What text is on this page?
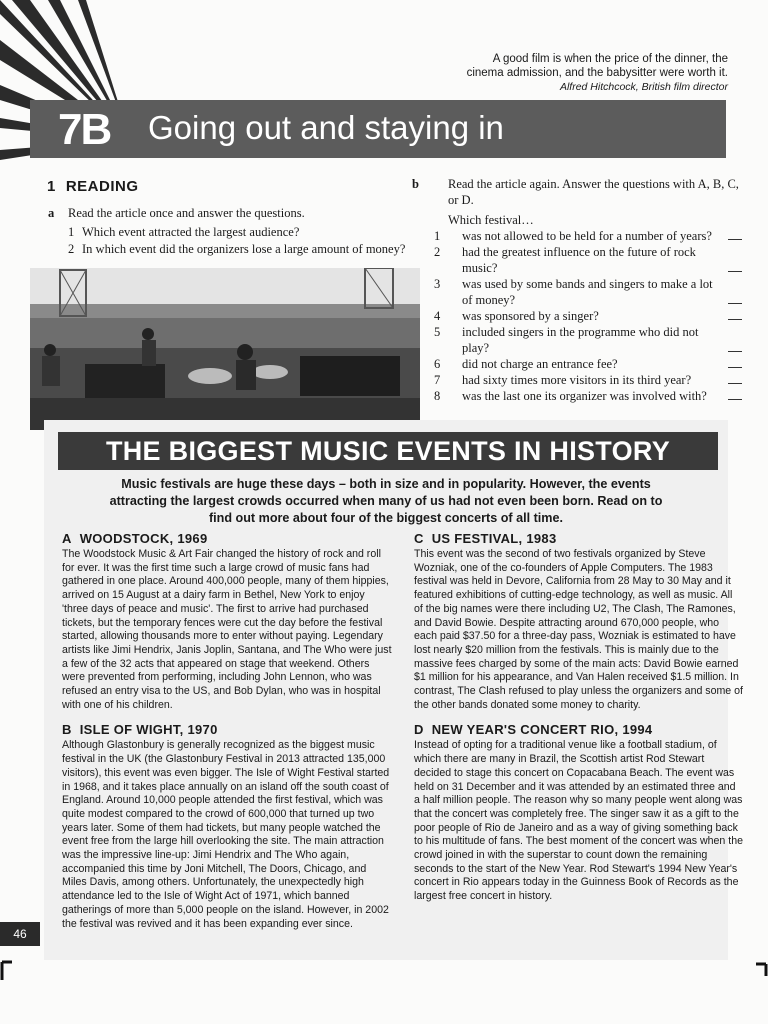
A good film is when the price of the dinner, the
cinema admission, and the babysitter were worth it.
Alfred Hitchcock, British film director
7B Going out and staying in
1 READING
a Read the article once and answer the questions.
1 Which event attracted the largest audience?
2 In which event did the organizers lose a large amount of money?
b Read the article again. Answer the questions with A, B, C, or D.
Which festival…
1 was not allowed to be held for a number of years?
2 had the greatest influence on the future of rock music?
3 was used by some bands and singers to make a lot of money?
4 was sponsored by a singer?
5 included singers in the programme who did not play?
6 did not charge an entrance fee?
7 had sixty times more visitors in its third year?
8 was the last one its organizer was involved with?
THE BIGGEST MUSIC EVENTS IN HISTORY
Music festivals are huge these days – both in size and in popularity. However, the events attracting the largest crowds occurred when many of us had not even been born. Read on to find out more about four of the biggest concerts of all time.
A WOODSTOCK, 1969

The Woodstock Music & Art Fair changed the history of rock and roll for ever. It was the first time such a large crowd of music fans had gathered in one place. Around 400,000 people, many of them hippies, arrived on 15 August at a dairy farm in Bethel, New York to enjoy 'three days of peace and music'. The first to arrive had purchased tickets, but the temporary fences were cut the day before the festival started, allowing thousands more to enter without paying. Legendary artists like Jimi Hendrix, Janis Joplin, Santana, and The Who were just a few of the 32 acts that appeared on stage that weekend. Others were prevented from performing, including John Lennon, who was refused an entry visa to the US, and Bob Dylan, who was in hospital with one of his children.

B ISLE OF WIGHT, 1970

Although Glastonbury is generally recognized as the biggest music festival in the UK (the Glastonbury Festival in 2013 attracted 135,000 visitors), this event was even bigger. The Isle of Wight Festival started in 1968, and it takes place annually on an island off the south coast of England. Around 10,000 people attended the first festival, which was quite modest compared to the crowd of 600,000 that turned up two years later. Some of them had tickets, but many people watched the event free from the large hill overlooking the site. The main attraction was the impressive line-up: Jimi Hendrix and The Who again, accompanied this time by Joni Mitchell, The Doors, Chicago, and Miles Davis, among others. Unfortunately, the unexpectedly high attendance led to the Isle of Wight Act of 1971, which banned gatherings of more than 5,000 people on the island. However, in 2002 the festival was revived and it has been expanding ever since.

C US FESTIVAL, 1983

This event was the second of two festivals organized by Steve Wozniak, one of the co-founders of Apple Computers. The 1983 festival was held in Devore, California from 28 May to 30 May and it featured exhibitions of cutting-edge technology, as well as music. All of the big names were there including U2, The Clash, The Ramones, and David Bowie. Despite attracting around 670,000 people, who each paid $37.50 for a three-day pass, Wozniak is estimated to have lost nearly $20 million from the festivals. This is mainly due to the massive fees charged by some of the main acts: David Bowie earned $1 million for his appearance, and Van Halen received $1.5 million. In contrast, The Clash refused to play unless the organizers and some of the other bands donated some money to charity.

D NEW YEAR'S CONCERT RIO, 1994

Instead of opting for a traditional venue like a football stadium, of which there are many in Brazil, the Scottish artist Rod Stewart decided to stage this concert on Copacabana Beach. The event was held on 31 December and it was attended by an estimated three and a half million people. The reason why so many people went along was that the concert was completely free. The singer saw it as a gift to the poor people of Rio de Janeiro and as a way of giving something back to his multitude of fans. The best moment of the concert was when the crowd joined in with the superstar to count down the remaining seconds to the start of the New Year. Rod Stewart's 1994 New Year's concert in Rio appears today in the Guinness Book of Records as the largest free concert in history.

46
